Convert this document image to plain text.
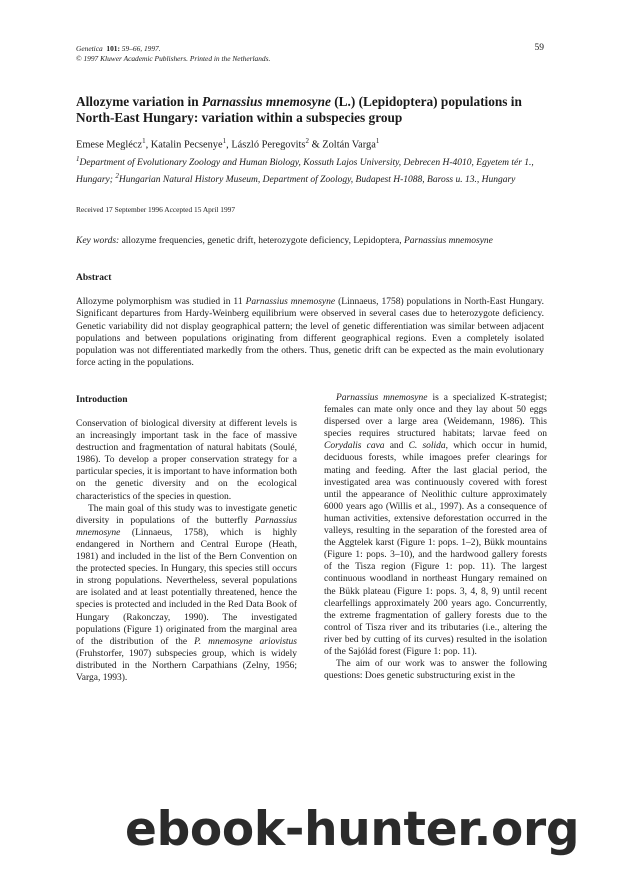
Genetica 101: 59–66, 1997.
© 1997 Kluwer Academic Publishers. Printed in the Netherlands.
59
Allozyme variation in Parnassius mnemosyne (L.) (Lepidoptera) populations in North-East Hungary: variation within a subspecies group
Emese Meglécz$^1$, Katalin Pecsenye$^1$, László Peregovits$^2$ & Zoltán Varga$^1$
$^1$Department of Evolutionary Zoology and Human Biology, Kossuth Lajos University, Debrecen H-4010, Egyetem tér 1., Hungary; $^2$Hungarian Natural History Museum, Department of Zoology, Budapest H-1088, Baross u. 13., Hungary
Received 17 September 1996 Accepted 15 April 1997
Key words: allozyme frequencies, genetic drift, heterozygote deficiency, Lepidoptera, Parnassius mnemosyne
Abstract
Allozyme polymorphism was studied in 11 Parnassius mnemosyne (Linnaeus, 1758) populations in North-East Hungary. Significant departures from Hardy-Weinberg equilibrium were observed in several cases due to heterozygote deficiency. Genetic variability did not display geographical pattern; the level of genetic differentiation was similar between adjacent populations and between populations originating from different geographical regions. Even a completely isolated population was not differentiated markedly from the others. Thus, genetic drift can be expected as the main evolutionary force acting in the populations.
Introduction

Conservation of biological diversity at different levels is an increasingly important task in the face of massive destruction and fragmentation of natural habitats (Soulé, 1986). To develop a proper conservation strategy for a particular species, it is important to have information both on the genetic diversity and on the ecological characteristics of the species in question.

The main goal of this study was to investigate genetic diversity in populations of the butterfly Parnassius mnemosyne (Linnaeus, 1758), which is highly endangered in Northern and Central Europe (Heath, 1981) and included in the list of the Bern Convention on the protected species. In Hungary, this species still occurs in strong populations. Nevertheless, several populations are isolated and at least potentially threatened, hence the species is protected and included in the Red Data Book of Hungary (Rakonczay, 1990). The investigated populations (Figure 1) originated from the marginal area of the distribution of the P. mnemosyne ariovistus (Fruhstorfer, 1907) subspecies group, which is widely distributed in the Northern Carpathians (Zelny, 1956; Varga, 1993).

Parnassius mnemosyne is a specialized K-strategist; females can mate only once and they lay about 50 eggs dispersed over a large area (Weidemann, 1986). This species requires structured habitats; larvae feed on Corydalis cava and C. solida, which occur in humid, deciduous forests, while imagoes prefer clearings for mating and feeding. After the last glacial period, the investigated area was continuously covered with forest until the appearance of Neolithic culture approximately 6000 years ago (Willis et al., 1997). As a consequence of human activities, extensive deforestation occurred in the valleys, resulting in the separation of the forested area of the Aggtelek karst (Figure 1: pops. 1–2), Bükk mountains (Figure 1: pops. 3–10), and the hardwood gallery forests of the Tisza region (Figure 1: pop. 11). The largest continuous woodland in northeast Hungary remained on the Bükk plateau (Figure 1: pops. 3, 4, 8, 9) until recent clearfellings approximately 200 years ago. Concurrently, the extreme fragmentation of gallery forests due to the control of Tisza river and its tributaries (i.e., altering the river bed by cutting of its curves) resulted in the isolation of the Sajólád forest (Figure 1: pop. 11).

The aim of our work was to answer the following questions: Does genetic substructuring exist in the

ebook-hunter.org
